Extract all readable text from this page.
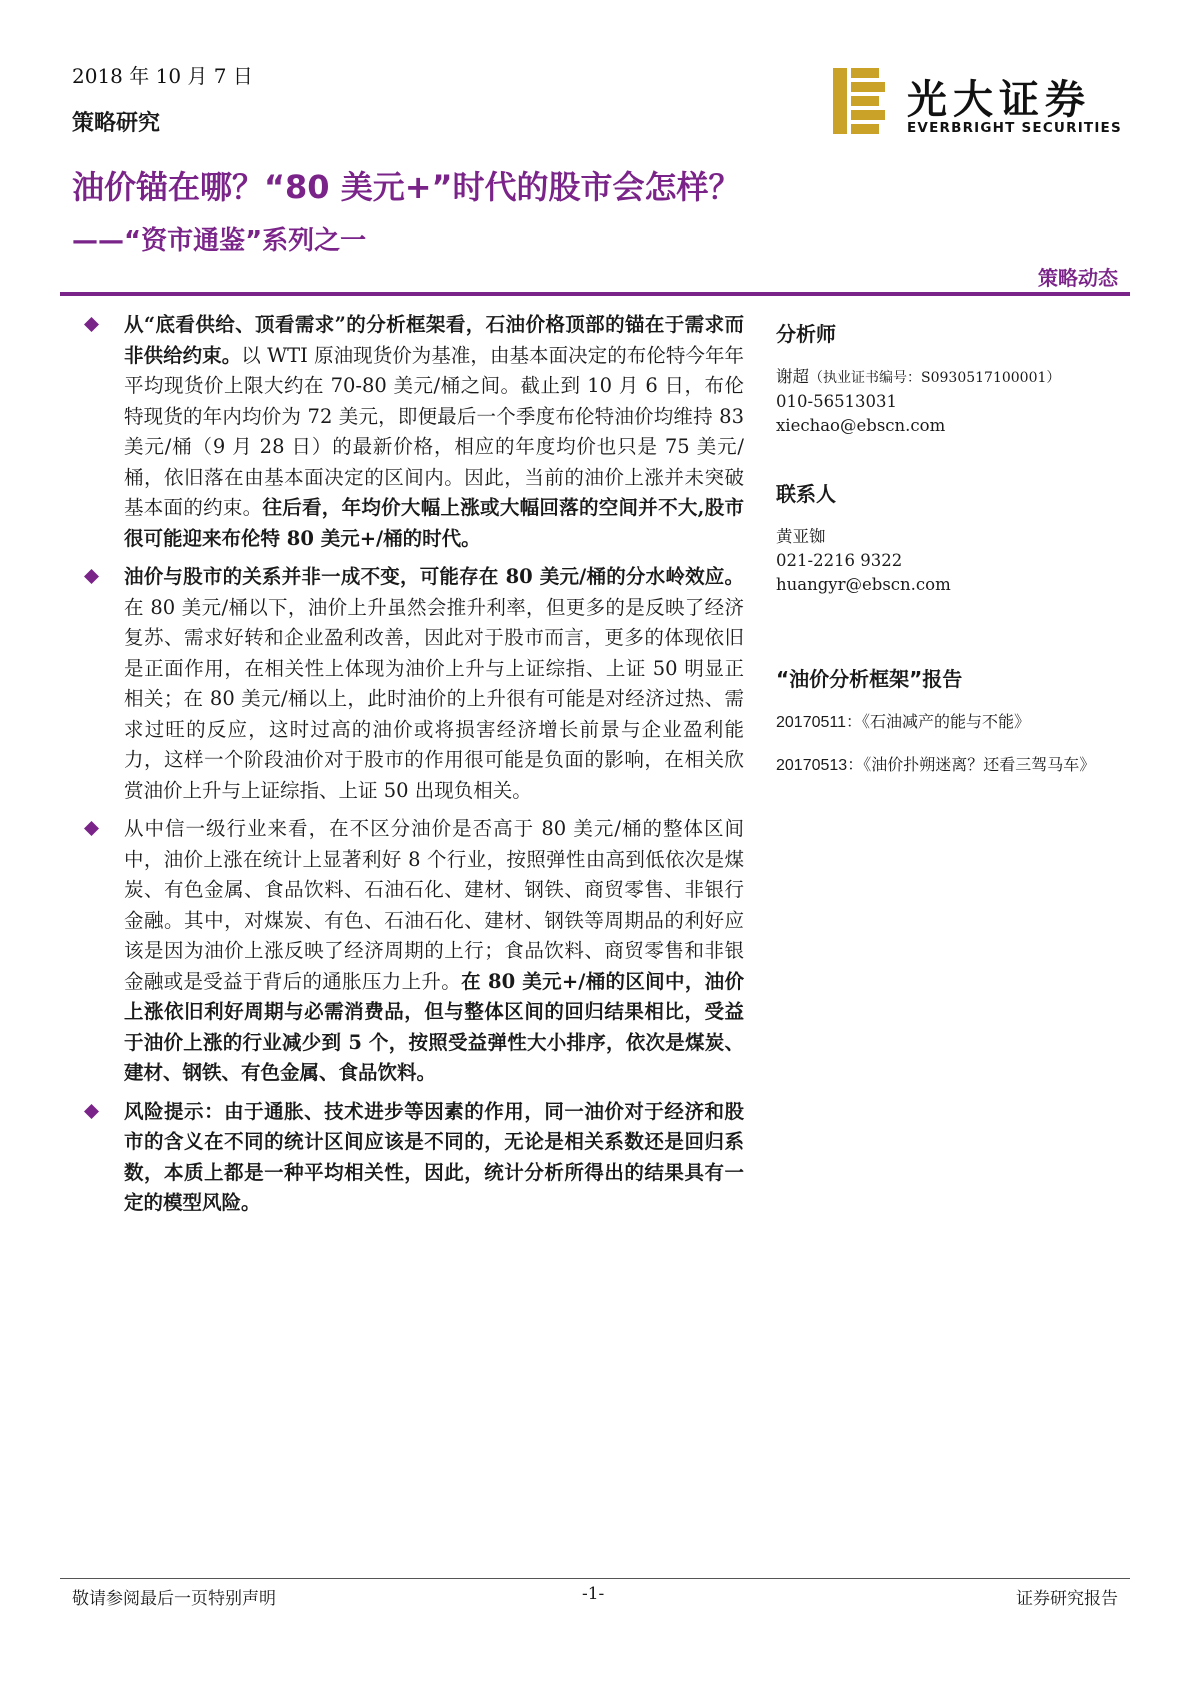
2018 年 10 月 7 日
策略研究
光大证券
EVERBRIGHT SECURITIES
油价锚在哪？“80 美元+”时代的股市会怎样？
——“资市通鉴”系列之一
策略动态
从“底看供给、顶看需求”的分析框架看，石油价格顶部的锚在于需求而非供给约束。以 WTI 原油现货价为基准，由基本面决定的布伦特今年年平均现货价上限大约在 70-80 美元/桶之间。截止到 10 月 6 日，布伦特现货的年内均价为 72 美元，即便最后一个季度布伦特油价均维持 83 美元/桶（9 月 28 日）的最新价格，相应的年度均价也只是 75 美元/桶，依旧落在由基本面决定的区间内。因此，当前的油价上涨并未突破基本面的约束。往后看，年均价大幅上涨或大幅回落的空间并不大,股市很可能迎来布伦特 80 美元+/桶的时代。
油价与股市的关系并非一成不变，可能存在 80 美元/桶的分水岭效应。在 80 美元/桶以下，油价上升虽然会推升利率，但更多的是反映了经济复苏、需求好转和企业盈利改善，因此对于股市而言，更多的体现依旧是正面作用，在相关性上体现为油价上升与上证综指、上证 50 明显正相关；在 80 美元/桶以上，此时油价的上升很有可能是对经济过热、需求过旺的反应，这时过高的油价或将损害经济增长前景与企业盈利能力，这样一个阶段油价对于股市的作用很可能是负面的影响，在相关欣赏油价上升与上证综指、上证 50 出现负相关。
从中信一级行业来看，在不区分油价是否高于 80 美元/桶的整体区间中，油价上涨在统计上显著利好 8 个行业，按照弹性由高到低依次是煤炭、有色金属、食品饮料、石油石化、建材、钢铁、商贸零售、非银行金融。其中，对煤炭、有色、石油石化、建材、钢铁等周期品的利好应该是因为油价上涨反映了经济周期的上行；食品饮料、商贸零售和非银金融或是受益于背后的通胀压力上升。在 80 美元+/桶的区间中，油价上涨依旧利好周期与必需消费品，但与整体区间的回归结果相比，受益于油价上涨的行业减少到 5 个，按照受益弹性大小排序，依次是煤炭、建材、钢铁、有色金属、食品饮料。
风险提示：由于通胀、技术进步等因素的作用，同一油价对于经济和股市的含义在不同的统计区间应该是不同的，无论是相关系数还是回归系数，本质上都是一种平均相关性，因此，统计分析所得出的结果具有一定的模型风险。
分析师
谢超（执业证书编号：S0930517100001）
010-56513031
xiechao@ebscn.com
联系人
黄亚铷
021-2216 9322
huangyr@ebscn.com
“油价分析框架”报告
20170511：《石油减产的能与不能》
20170513：《油价扑朔迷离？还看三驾马车》
敬请参阅最后一页特别声明	-1-	证券研究报告
